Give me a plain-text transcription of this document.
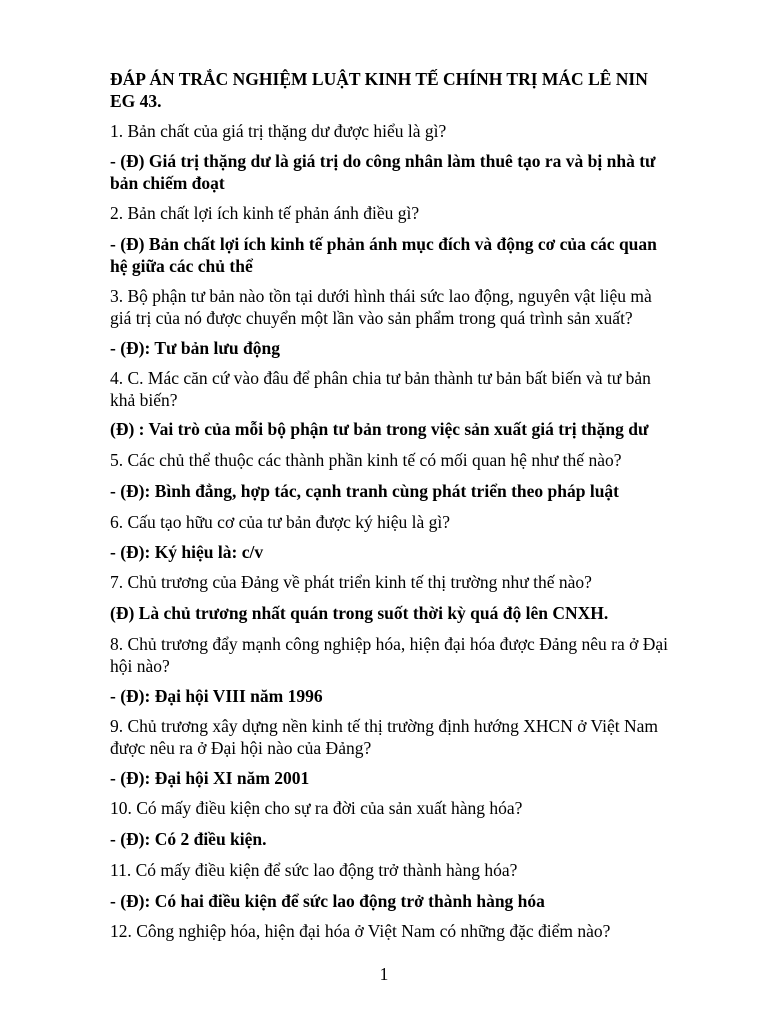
ĐÁP ÁN TRẮC NGHIỆM LUẬT KINH TẾ CHÍNH TRỊ MÁC LÊ NIN
EG 43.

1. Bản chất của giá trị thặng dư được hiểu là gì?

- (Đ) Giá trị thặng dư là giá trị do công nhân làm thuê tạo ra và bị nhà tư
bản chiếm đoạt

2. Bản chất lợi ích kinh tế phản ánh điều gì?

- (Đ) Bản chất lợi ích kinh tế phản ánh mục đích và động cơ của các quan
hệ giữa các chủ thể

3. Bộ phận tư bản nào tồn tại dưới hình thái sức lao động, nguyên vật liệu mà
giá trị của nó được chuyển một lần vào sản phẩm trong quá trình sản xuất?

- (Đ): Tư bản lưu động

4. C. Mác căn cứ vào đâu để phân chia tư bản thành tư bản bất biến và tư bản
khả biến?

(Đ) : Vai trò của mỗi bộ phận tư bản trong việc sản xuất giá trị thặng dư

5. Các chủ thể thuộc các thành phần kinh tế có mối quan hệ như thế nào?

- (Đ): Bình đẳng, hợp tác, cạnh tranh cùng phát triển theo pháp luật

6. Cấu tạo hữu cơ của tư bản được ký hiệu là gì?

- (Đ): Ký hiệu là: c/v

7. Chủ trương của Đảng về phát triển kinh tế thị trường như thế nào?

(Đ) Là chủ trương nhất quán trong suốt thời kỳ quá độ lên CNXH.

8. Chủ trương đẩy mạnh công nghiệp hóa, hiện đại hóa được Đảng nêu ra ở Đại
hội nào?

- (Đ): Đại hội VIII năm 1996

9. Chủ trương xây dựng nền kinh tế thị trường định hướng XHCN ở Việt Nam
được nêu ra ở Đại hội nào của Đảng?

- (Đ): Đại hội XI năm 2001

10. Có mấy điều kiện cho sự ra đời của sản xuất hàng hóa?

- (Đ): Có 2 điều kiện.

11. Có mấy điều kiện để sức lao động trở thành hàng hóa?

- (Đ): Có hai điều kiện để sức lao động trở thành hàng hóa

12. Công nghiệp hóa, hiện đại hóa ở Việt Nam có những đặc điểm nào?

1
